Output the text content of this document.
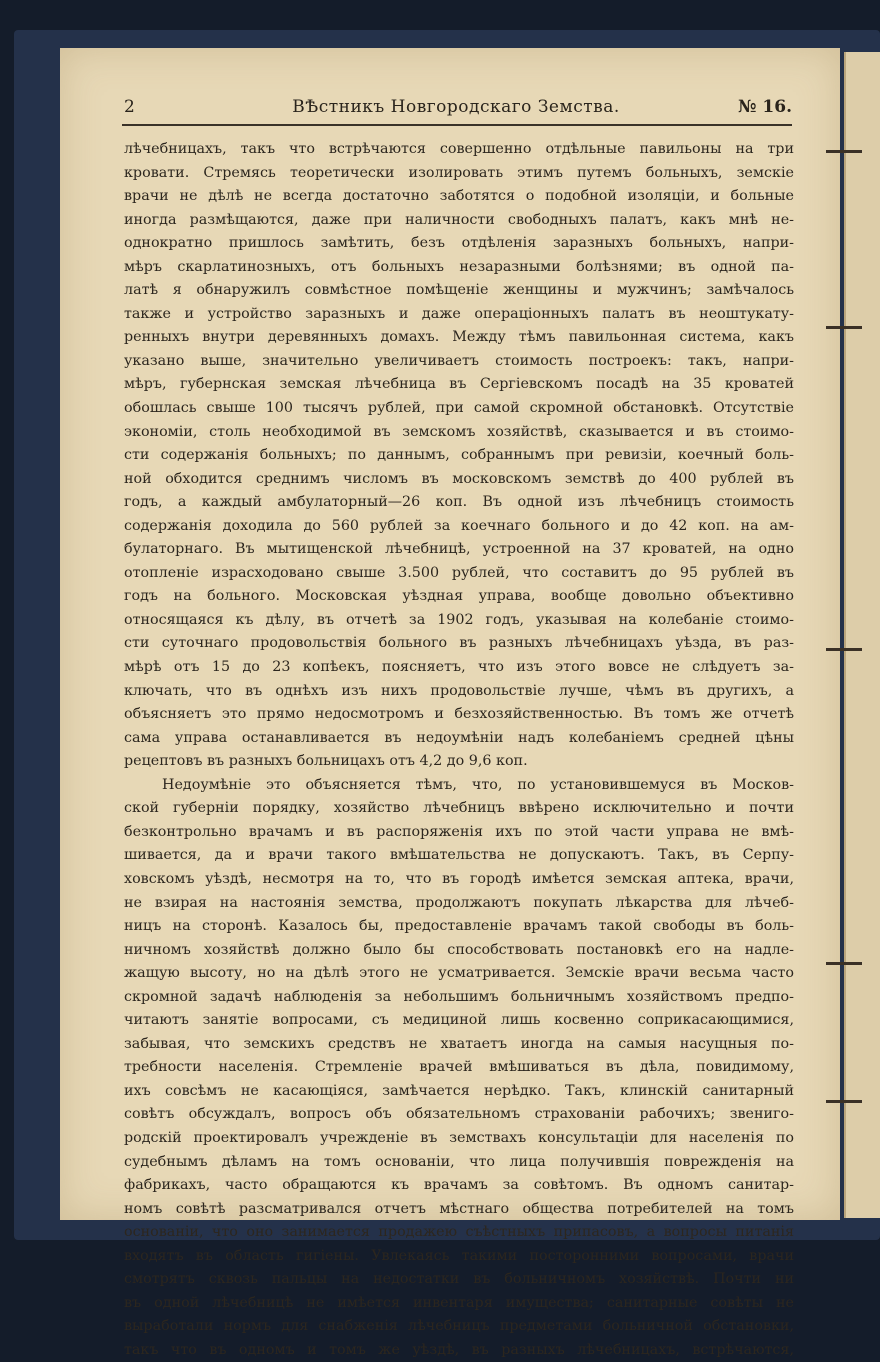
2	ВѢстникъ Новгородскаго Земства.	№ 16.
лѣчебницахъ, такъ что встрѣчаются совершенно отдѣльные павильоны на три
кровати. Стремясь теоретически изолировать этимъ путемъ больныхъ, земскіе
врачи не дѣлѣ не всегда достаточно заботятся о подобной изоляціи, и больные
иногда размѣщаются, даже при наличности свободныхъ палатъ, какъ мнѣ не-
однократно пришлось замѣтить, безъ отдѣленія заразныхъ больныхъ, напри-
мѣръ скарлатинозныхъ, отъ больныхъ незаразными болѣзнями; въ одной па-
латѣ я обнаружилъ совмѣстное помѣщеніе женщины и мужчинъ; замѣчалось
также и устройство заразныхъ и даже операціонныхъ палатъ въ неоштукату-
ренныхъ внутри деревянныхъ домахъ. Между тѣмъ павильонная система, какъ
указано выше, значительно увеличиваетъ стоимость построекъ: такъ, напри-
мѣръ, губернская земская лѣчебница въ Сергіевскомъ посадѣ на 35 кроватей
обошлась свыше 100 тысячъ рублей, при самой скромной обстановкѣ. Отсутствіе
экономіи, столь необходимой въ земскомъ хозяйствѣ, сказывается и въ стоимо-
сти содержанія больныхъ; по даннымъ, собраннымъ при ревизіи, коечный боль-
ной обходится среднимъ числомъ въ московскомъ земствѣ до 400 рублей въ
годъ, а каждый амбулаторный—26 коп. Въ одной изъ лѣчебницъ стоимость
содержанія доходила до 560 рублей за коечнаго больного и до 42 коп. на ам-
булаторнаго. Въ мытищенской лѣчебницѣ, устроенной на 37 кроватей, на одно
отопленіе израсходовано свыше 3.500 рублей, что составитъ до 95 рублей въ
годъ на больного. Московская уѣздная управа, вообще довольно объективно
относящаяся къ дѣлу, въ отчетѣ за 1902 годъ, указывая на колебаніе стоимо-
сти суточнаго продовольствія больного въ разныхъ лѣчебницахъ уѣзда, въ раз-
мѣрѣ отъ 15 до 23 копѣекъ, поясняетъ, что изъ этого вовсе не слѣдуетъ за-
ключать, что въ однѣхъ изъ нихъ продовольствіе лучше, чѣмъ въ другихъ, а
объясняетъ это прямо недосмотромъ и безхозяйственностью. Въ томъ же отчетѣ
сама управа останавливается въ недоумѣніи надъ колебаніемъ средней цѣны
рецептовъ въ разныхъ больницахъ отъ 4,2 до 9,6 коп.
Недоумѣніе это объясняется тѣмъ, что, по установившемуся въ Москов-
ской губерніи порядку, хозяйство лѣчебницъ ввѣрено исключительно и почти
безконтрольно врачамъ и въ распоряженія ихъ по этой части управа не вмѣ-
шивается, да и врачи такого вмѣшательства не допускаютъ. Такъ, въ Серпу-
ховскомъ уѣздѣ, несмотря на то, что въ городѣ имѣется земская аптека, врачи,
не взирая на настоянія земства, продолжаютъ покупать лѣкарства для лѣчеб-
ницъ на сторонѣ. Казалось бы, предоставленіе врачамъ такой свободы въ боль-
ничномъ хозяйствѣ должно было бы способствовать постановкѣ его на надле-
жащую высоту, но на дѣлѣ этого не усматривается. Земскіе врачи весьма часто
скромной задачѣ наблюденія за небольшимъ больничнымъ хозяйствомъ предпо-
читаютъ занятіе вопросами, съ медициной лишь косвенно соприкасающимися,
забывая, что земскихъ средствъ не хватаетъ иногда на самыя насущныя по-
требности населенія. Стремленіе врачей вмѣшиваться въ дѣла, повидимому,
ихъ совсѣмъ не касающіяся, замѣчается нерѣдко. Такъ, клинскій санитарный
совѣтъ обсуждалъ, вопросъ объ обязательномъ страхованіи рабочихъ; звениго-
родскій проектировалъ учрежденіе въ земствахъ консультаціи для населенія по
судебнымъ дѣламъ на томъ основаніи, что лица получившія поврежденія на
фабрикахъ, часто обращаются къ врачамъ за совѣтомъ. Въ одномъ санитар-
номъ совѣтѣ разсматривался отчетъ мѣстнаго общества потребителей на томъ
основаніи, что оно занимается продажею съѣстныхъ припасовъ, а вопросы питанія
входятъ въ область гигіены. Увлекаясь такими посторонними вопросами, врачи
смотрятъ сквозь пальцы на недостатки въ больничномъ хозяйствѣ. Почти ни
въ одной лѣчебницѣ не имѣется инвентаря имущества; санитарные совѣты не
выработали нормъ для снабженія лѣчебницъ предметами больничной обстановки,
такъ что въ одномъ и томъ же уѣздѣ, въ разныхъ лѣчебницахъ, встрѣчаются,
